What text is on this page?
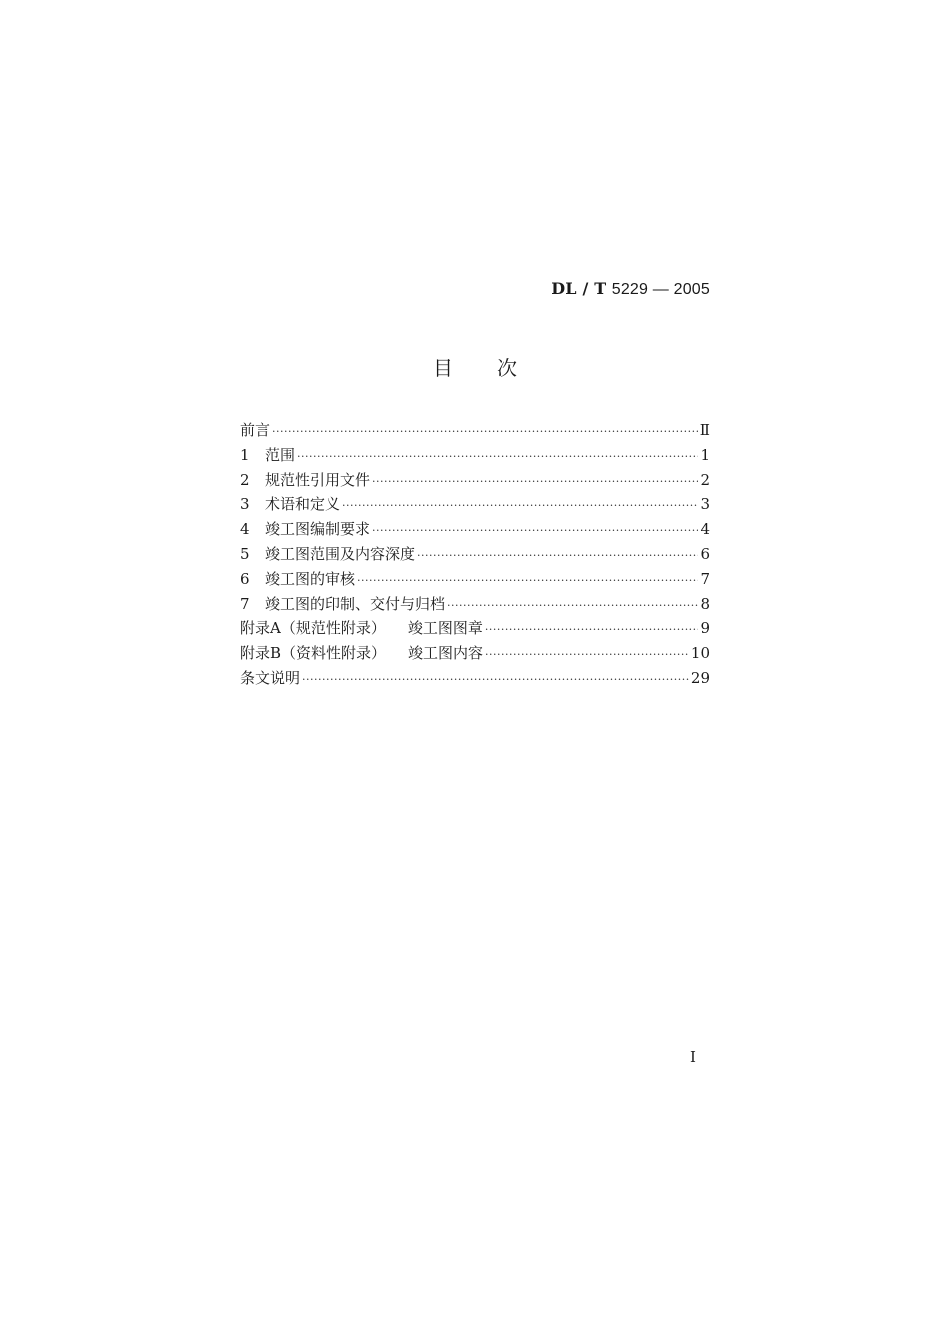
DL / T 5229 — 2005
目 次
前言 ·····	Ⅱ
1	范围 ·····	1
2	规范性引用文件 ·····	2
3	术语和定义 ·····	3
4	竣工图编制要求 ·····	4
5	竣工图范围及内容深度 ·····	6
6	竣工图的审核 ·····	7
7	竣工图的印制、交付与归档 ·····	8
附录A（规范性附录） 竣工图图章 ·····	9
附录B（资料性附录） 竣工图内容 ·····	10
条文说明 ·····	29
I
